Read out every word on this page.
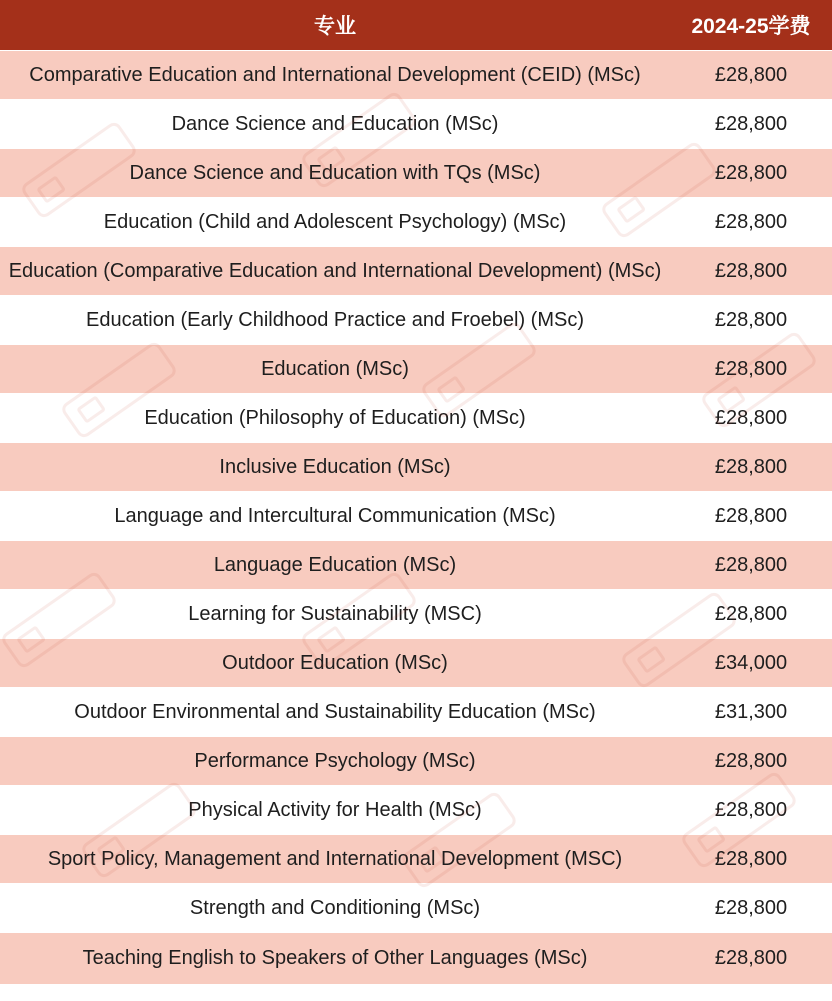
专业	2024-25学费
Comparative Education and International Development (CEID) (MSc)	£28,800
Dance Science and Education (MSc)	£28,800
Dance Science and Education with TQs (MSc)	£28,800
Education (Child and Adolescent Psychology) (MSc)	£28,800
Education (Comparative Education and International Development) (MSc)	£28,800
Education (Early Childhood Practice and Froebel) (MSc)	£28,800
Education (MSc)	£28,800
Education (Philosophy of Education) (MSc)	£28,800
Inclusive Education (MSc)	£28,800
Language and Intercultural Communication (MSc)	£28,800
Language Education (MSc)	£28,800
Learning for Sustainability (MSC)	£28,800
Outdoor Education (MSc)	£34,000
Outdoor Environmental and Sustainability Education (MSc)	£31,300
Performance Psychology (MSc)	£28,800
Physical Activity for Health (MSc)	£28,800
Sport Policy, Management and International Development (MSC)	£28,800
Strength and Conditioning (MSc)	£28,800
Teaching English to Speakers of Other Languages (MSc)	£28,800
